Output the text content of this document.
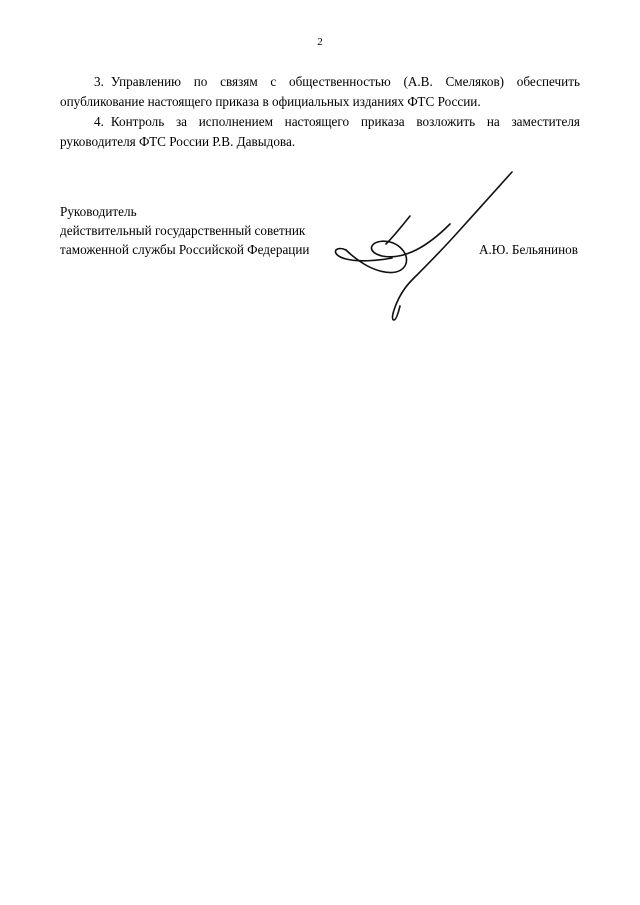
2

3. Управлению по связям с общественностью (А.В. Смеляков) обеспечить опубликование настоящего приказа в официальных изданиях ФТС России.

4. Контроль за исполнением настоящего приказа возложить на заместителя руководителя ФТС России Р.В. Давыдова.

Руководитель
действительный государственный советник
таможенной службы Российской Федерации	А.Ю. Бельянинов
